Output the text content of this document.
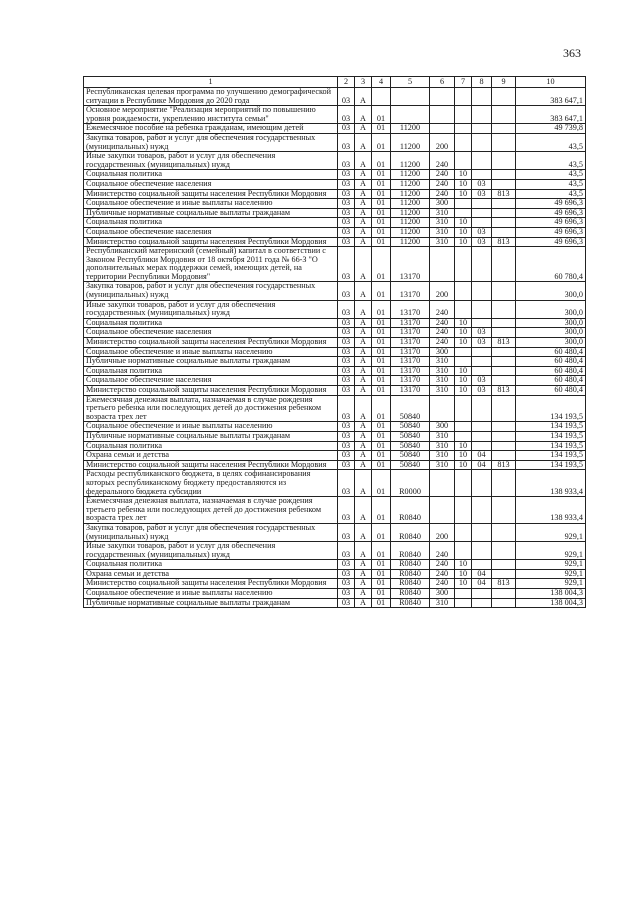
363
1	2	3	4	5	6	7	8	9	10
Республиканская целевая программа по улучшению демографической ситуации в Республике Мордовия до 2020 года	03	А							383 647,1
Основное мероприятие "Реализация мероприятий по повышению уровня рождаемости, укреплению института семьи"	03	А	01						383 647,1
Ежемесячное пособие на ребенка гражданам, имеющим детей	03	А	01	11200					49 739,8
Закупка товаров, работ и услуг для обеспечения государственных (муниципальных) нужд	03	А	01	11200	200				43,5
Иные закупки товаров, работ и услуг для обеспечения государственных (муниципальных) нужд	03	А	01	11200	240				43,5
Социальная политика	03	А	01	11200	240	10			43,5
Социальное обеспечение населения	03	А	01	11200	240	10	03		43,5
Министерство социальной защиты населения Республики Мордовия	03	А	01	11200	240	10	03	813	43,5
Социальное обеспечение и иные выплаты населению	03	А	01	11200	300				49 696,3
Публичные нормативные социальные выплаты гражданам	03	А	01	11200	310				49 696,3
Социальная политика	03	А	01	11200	310	10			49 696,3
Социальное обеспечение населения	03	А	01	11200	310	10	03		49 696,3
Министерство социальной защиты населения Республики Мордовия	03	А	01	11200	310	10	03	813	49 696,3
Республиканский материнский (семейный) капитал в соответствии с Законом Республики Мордовия от 18 октября 2011 года № 66-З "О дополнительных мерах поддержки семей, имеющих детей, на территории Республики Мордовия"	03	А	01	13170					60 780,4
Закупка товаров, работ и услуг для обеспечения государственных (муниципальных) нужд	03	А	01	13170	200				300,0
Иные закупки товаров, работ и услуг для обеспечения государственных (муниципальных) нужд	03	А	01	13170	240				300,0
Социальная политика	03	А	01	13170	240	10			300,0
Социальное обеспечение населения	03	А	01	13170	240	10	03		300,0
Министерство социальной защиты населения Республики Мордовия	03	А	01	13170	240	10	03	813	300,0
Социальное обеспечение и иные выплаты населению	03	А	01	13170	300				60 480,4
Публичные нормативные социальные выплаты гражданам	03	А	01	13170	310				60 480,4
Социальная политика	03	А	01	13170	310	10			60 480,4
Социальное обеспечение населения	03	А	01	13170	310	10	03		60 480,4
Министерство социальной защиты населения Республики Мордовия	03	А	01	13170	310	10	03	813	60 480,4
Ежемесячная денежная выплата, назначаемая в случае рождения третьего ребенка или последующих детей до достижения ребенком возраста трех лет	03	А	01	50840					134 193,5
Социальное обеспечение и иные выплаты населению	03	А	01	50840	300				134 193,5
Публичные нормативные социальные выплаты гражданам	03	А	01	50840	310				134 193,5
Социальная политика	03	А	01	50840	310	10			134 193,5
Охрана семьи и детства	03	А	01	50840	310	10	04		134 193,5
Министерство социальной защиты населения Республики Мордовия	03	А	01	50840	310	10	04	813	134 193,5
Расходы республиканского бюджета, в целях софинансирования которых республиканскому бюджету предоставляются из федерального бюджета субсидии	03	А	01	R0000					138 933,4
Ежемесячная денежная выплата, назначаемая в случае рождения третьего ребенка или последующих детей до достижения ребенком возраста трех лет	03	А	01	R0840					138 933,4
Закупка товаров, работ и услуг для обеспечения государственных (муниципальных) нужд	03	А	01	R0840	200				929,1
Иные закупки товаров, работ и услуг для обеспечения государственных (муниципальных) нужд	03	А	01	R0840	240				929,1
Социальная политика	03	А	01	R0840	240	10			929,1
Охрана семьи и детства	03	А	01	R0840	240	10	04		929,1
Министерство социальной защиты населения Республики Мордовия	03	А	01	R0840	240	10	04	813	929,1
Социальное обеспечение и иные выплаты населению	03	А	01	R0840	300				138 004,3
Публичные нормативные социальные выплаты гражданам	03	А	01	R0840	310				138 004,3
